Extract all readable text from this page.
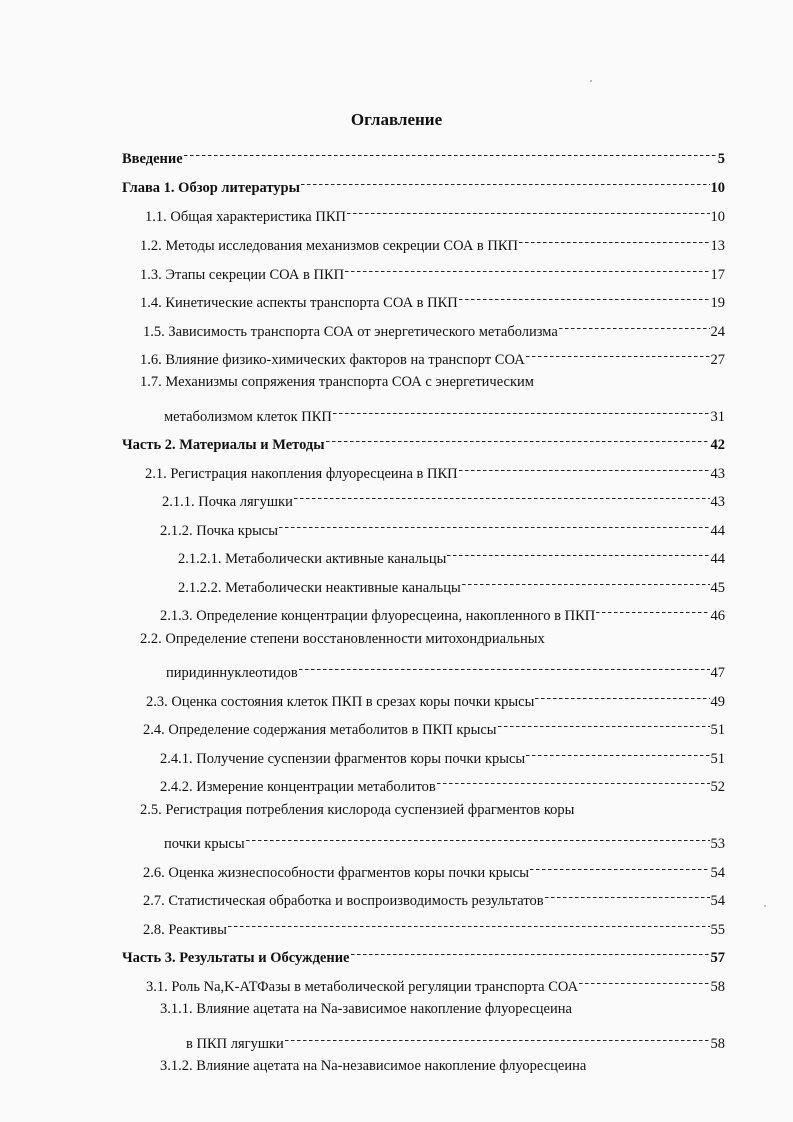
Оглавление
Введение	5
Глава 1. Обзор литературы	10
1.1. Общая характеристика ПКП	10
1.2. Методы исследования механизмов секреции СОА в ПКП	13
1.3. Этапы секреции СОА в ПКП	17
1.4. Кинетические аспекты транспорта СОА в ПКП	19
1.5. Зависимость транспорта СОА от энергетического метаболизма	24
1.6. Влияние физико-химических факторов на транспорт СОА	27
1.7. Механизмы сопряжения транспорта СОА с энергетическим
метаболизмом клеток ПКП	31
Часть 2. Материалы и Методы	42
2.1. Регистрация накопления флуоресцеина в ПКП	43
2.1.1. Почка лягушки	43
2.1.2. Почка крысы	44
2.1.2.1. Метаболически активные канальцы	44
2.1.2.2. Метаболически неактивные канальцы	45
2.1.3. Определение концентрации флуоресцеина, накопленного в ПКП	46
2.2. Определение степени восстановленности митохондриальных
пиридиннуклеотидов	47
2.3. Оценка состояния клеток ПКП в срезах коры почки крысы	49
2.4. Определение содержания метаболитов в ПКП крысы	51
2.4.1. Получение суспензии фрагментов коры почки крысы	51
2.4.2. Измерение концентрации метаболитов	52
2.5. Регистрация потребления кислорода суспензией фрагментов коры
почки крысы	53
2.6. Оценка жизнеспособности фрагментов коры почки крысы	54
2.7. Статистическая обработка и воспроизводимость результатов	54
2.8. Реактивы	55
Часть 3. Результаты и Обсуждение	57
3.1. Роль Na,K-АТФазы в метаболической регуляции транспорта СОА	58
3.1.1. Влияние ацетата на Na-зависимое накопление флуоресцеина
в ПКП лягушки	58
3.1.2. Влияние ацетата на Na-независимое накопление флуоресцеина
